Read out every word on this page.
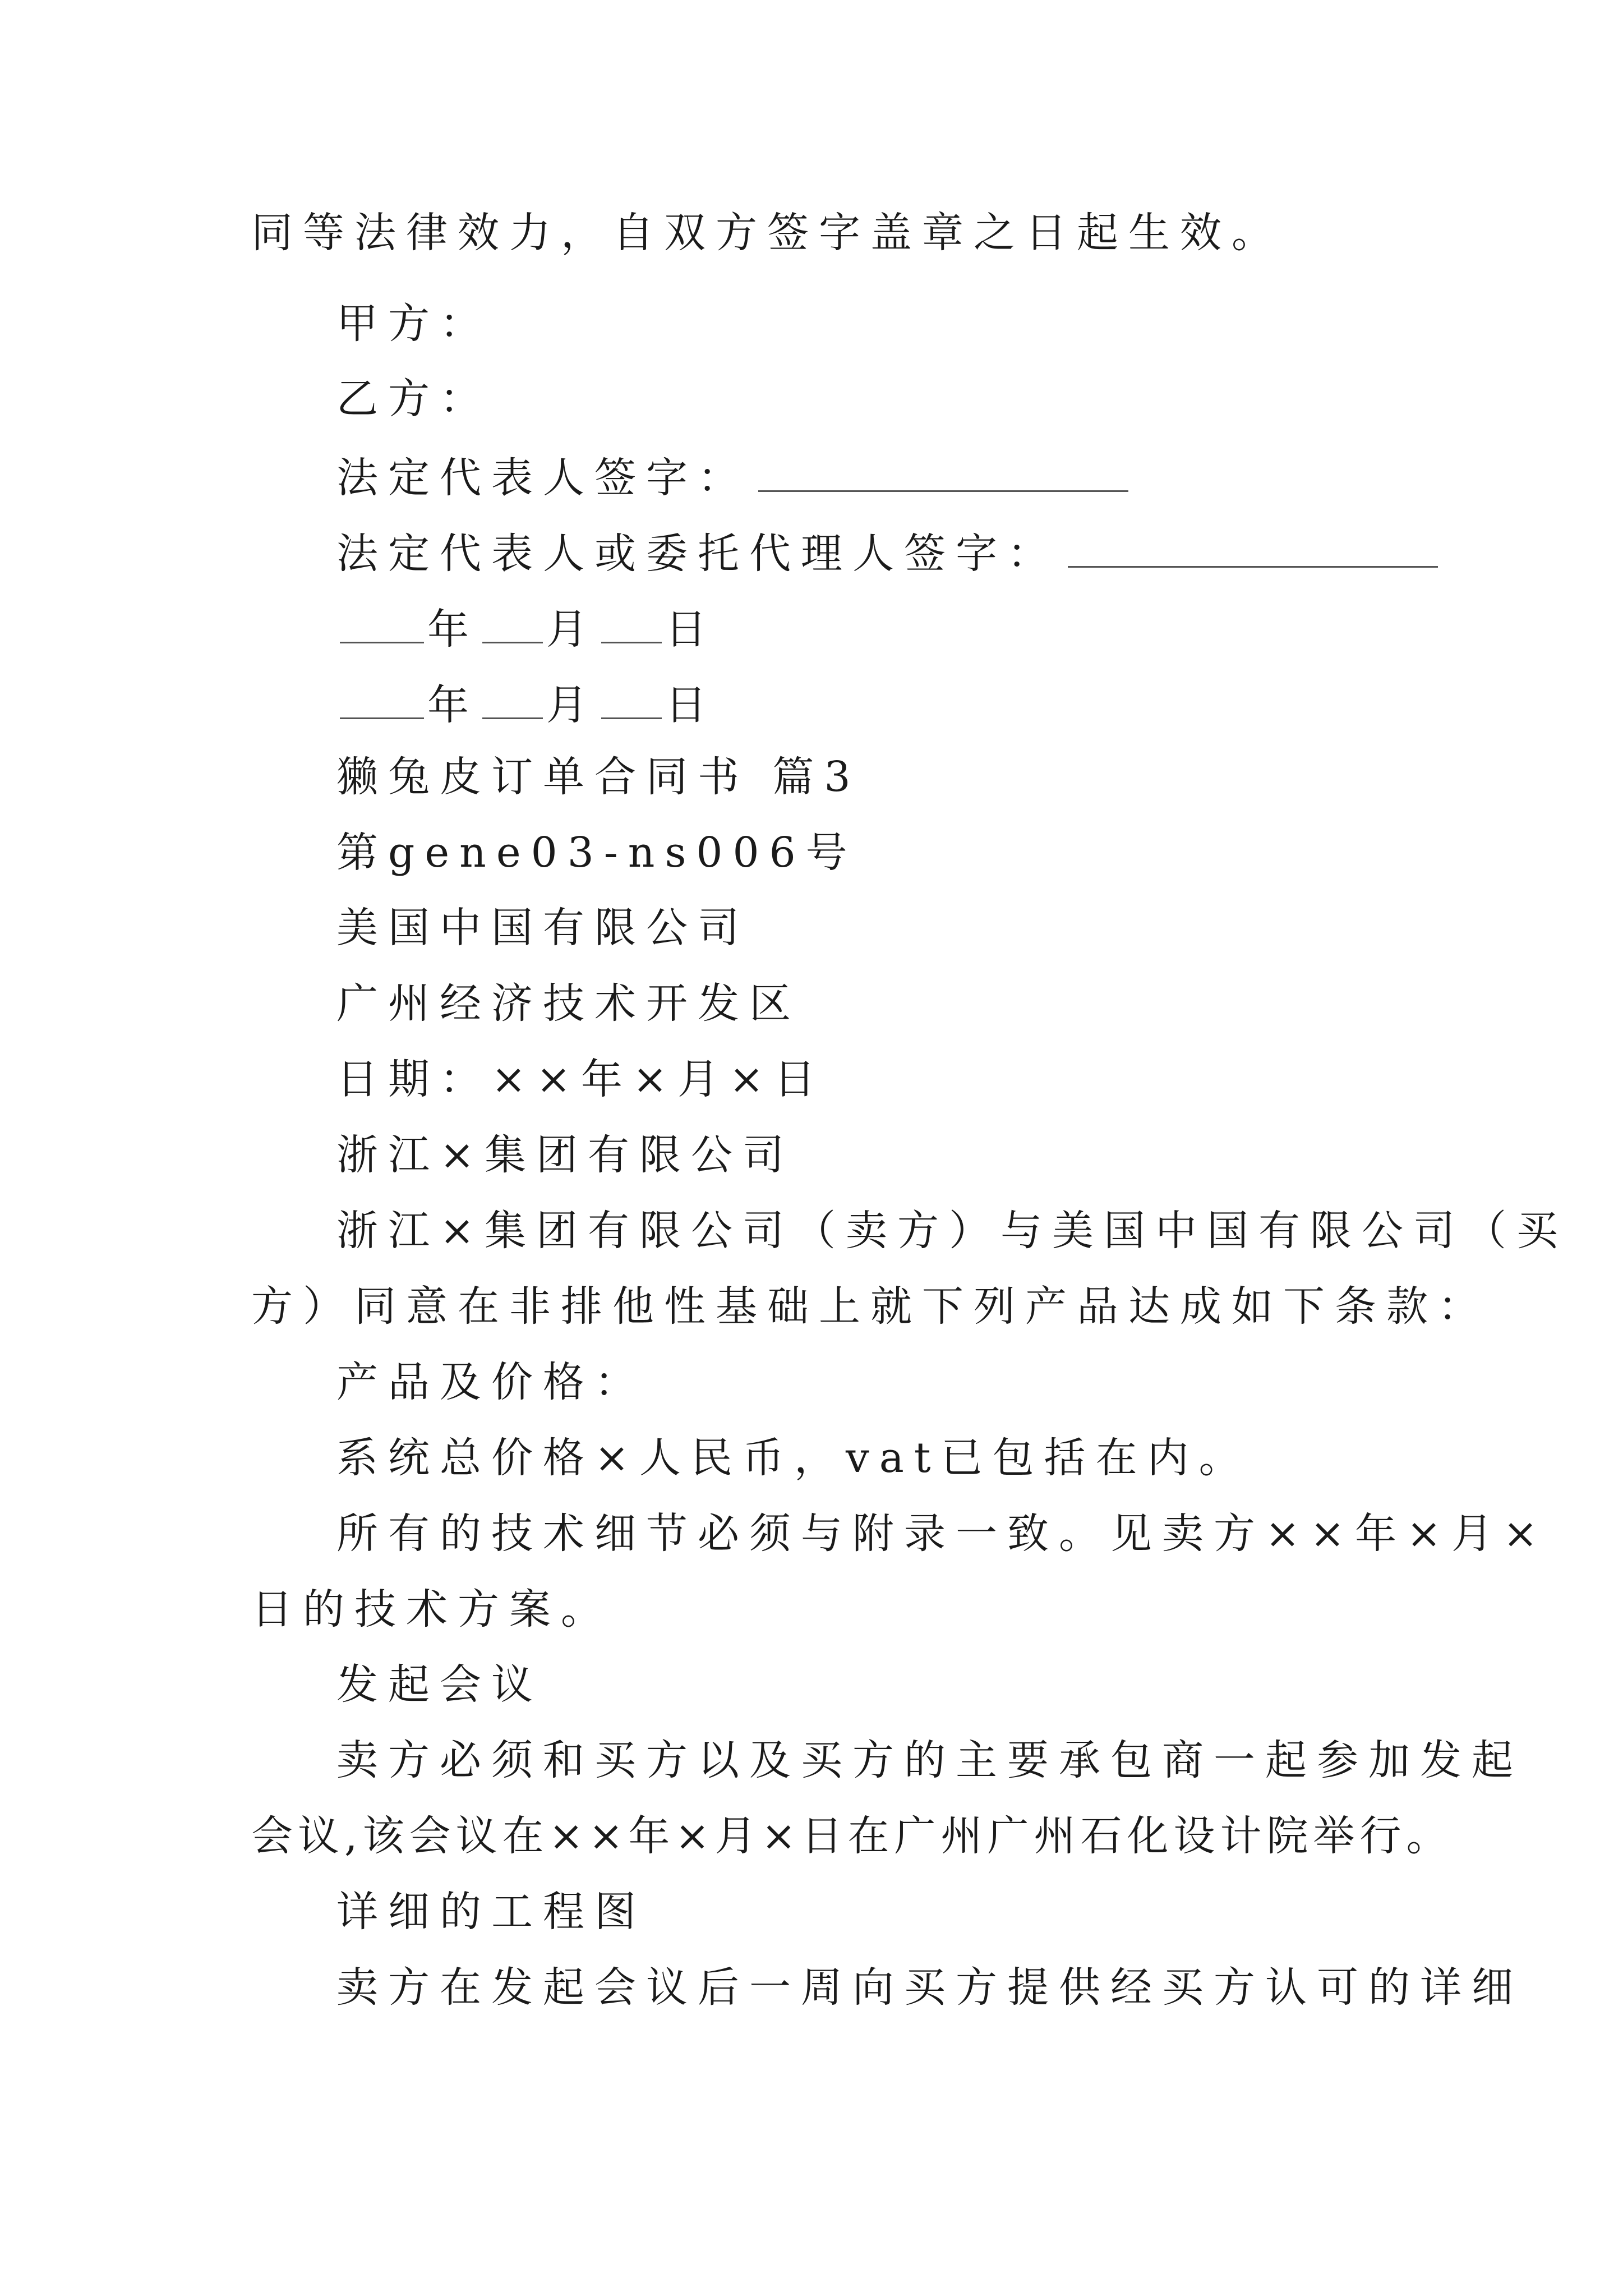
同等法律效力，自双方签字盖章之日起生效。
甲方：
乙方：
法定代表人签字：
法定代表人或委托代理人签字：
年 月 日
年 月 日
獭兔皮订单合同书 篇3
第gene03-ns006号
美国中国有限公司
广州经济技术开发区
日期：××年×月×日
浙江×集团有限公司
浙江×集团有限公司（卖方）与美国中国有限公司（买
方）同意在非排他性基础上就下列产品达成如下条款：
产品及价格：
系统总价格×人民币，vat已包括在内。
所有的技术细节必须与附录一致。见卖方××年×月×
日的技术方案。
发起会议
卖方必须和买方以及买方的主要承包商一起参加发起
会议,该会议在××年×月×日在广州广州石化设计院举行。
详细的工程图
卖方在发起会议后一周向买方提供经买方认可的详细
